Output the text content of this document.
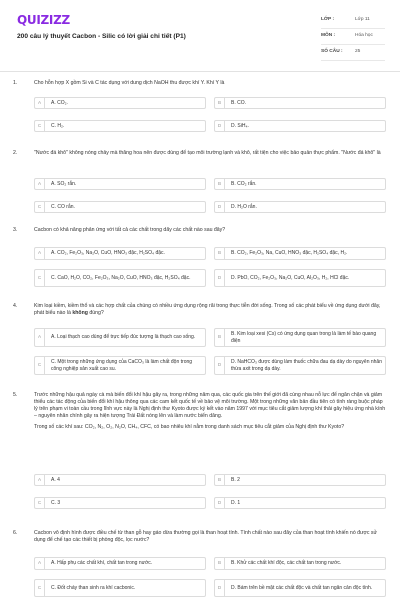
QUIZIZZ
200 câu lý thuyết Cacbon - Silic có lời giải chi tiết (P1)
LỚP :	Lớp 11
MÔN :	Hóa học
SỐ CÂU :	25
1.	Cho hỗn hợp X gồm Si và C tác dụng với dung dịch NaOH thu được khí Y. Khí Y là
A	A. CO₂.	B	B. CO.
C	C. H₂.	D	D. SiH₄.
2.	"Nước đá khô" không nóng chảy mà thăng hoa nên được dùng để tạo môi trường lạnh và khô, rất tiện cho việc bảo quản thực phẩm. "Nước đá khô" là
A	A. SO₂ rắn.	B	B. CO₂ rắn.
C	C. CO rắn.	D	D. H₂O rắn.
3.	Cacbon có khả năng phản ứng với tất cả các chất trong dãy các chất nào sau đây?
A	A. CO₂, Fe₂O₃, Na₂O, CuO, HNO₃ đặc, H₂SO₄ đặc.	B	B. CO₂, Fe₂O₃, Na, CuO, HNO₃ đặc, H₂SO₄ đặc, H₂.
C	C. CaO, H₂O, CO₂, Fe₂O₃, Na₂O, CuO, HNO₃ đặc, H₂SO₄ đặc.	D	D. PbO, CO₂, Fe₂O₃, Na₂O, CuO, Al₂O₃, H₂, HCl đặc.
4.	Kim loại kiềm, kiềm thổ và các hợp chất của chúng có nhiều ứng dụng rộng rãi trong thực tiễn đời sống. Trong số các phát biểu về ứng dụng dưới đây, phát biểu nào là không đúng?
A	A. Loại thạch cao dùng để trực tiếp đúc tượng là thạch cao sống.	B	B. Kim loại xesi (Cs) có ứng dụng quan trong là làm tế bào quang điện
C	C. Một trong những ứng dụng của CaCO₃ là làm chất độn trong công nghiệp sản xuất cao su.
D	D. NaHCO₃ được dùng làm thuốc chữa đau dạ dày do nguyên nhân thừa axit trong dạ dày.
5.	Trước những hậu quả ngày cà mà biến đổi khí hậu gây ra, trong những năm qua, các quốc gia trên thế giới đã cùng nhau nỗ lực để ngăn chặn và giảm thiểu các tác động của biến đổi khí hậu thông qua các cam kết quốc tế về bảo vệ môi trường. Một trong những văn bản đầu tiên có tính ràng buộc pháp lý trên phạm vi toàn cầu trong lĩnh vực này là Nghị định thư Kyoto được ký kết vào năm 1997 với mục tiêu cắt giảm lượng khí thải gây hiệu ứng nhà kính – nguyên nhân chính gây ra hiện tượng Trái Đất nóng lên và làm nước biển dâng.

Trong số các khí sau: CO₂, N₂, O₂, N₂O, CH₄, CFC, có bao nhiêu khí nằm trong danh sách mục tiêu cắt giảm của Nghị định thư Kyoto?

A	A. 4	B	B. 2
C	C. 3	D	D. 1
6.	Cacbon vô định hình được điều chế từ than gỗ hay gáo dừa thường gọi là than hoạt tính. Tính chất nào sau đây của than hoạt tính khiến nó được sử dụng để chế tạo các thiết bị phòng độc, lọc nước?
A	A. Hấp phụ các chất khí, chất tan trong nước.	B	B. Khử các chất khí độc, các chất tan trong nước.
C	C. Đốt cháy than sinh ra khí cacbonic.	D	D. Bám trên bề mặt các chất độc và chất tan ngăn cản độc tính.
